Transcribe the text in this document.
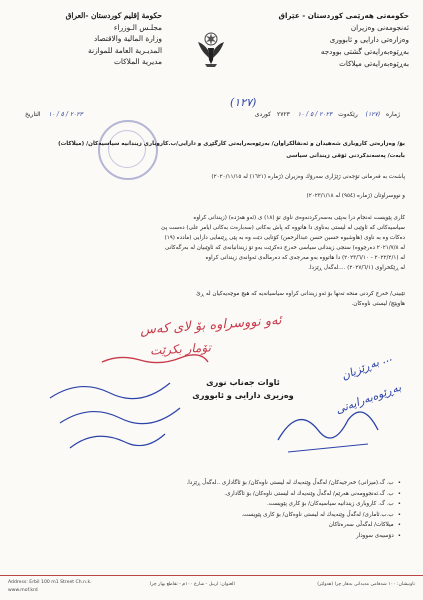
حکومەتی هەرێمی کوردستان - عێراق
ئەنجومەنی وەزیران
وەزارەتی دارایی و ئابووری
بەڕێوەبەرایەتی گشتی بوودجە
بەڕێوەبەرایەتی میلاکات
حكومة إقليم كوردستان -العراق
مجلـس الـوزراء
وزارة المالية والاقتصاد
المديـرية العامة للموازنة
مديرية الملاكات
ژمارە(١٢٧) رێکەوت٢٠٢٣ / ٥ / ١٠ ٢٧٢٣کوردی
٢٠٢٣ / ٥ / ١٠ التاريخ
(١٢٧)
بۆ/ وەزارەتی کاروباری شەهیدان و ئەنفالکراوان/ بەرێوەبەرایەتی کارگێڕی و دارایی/ب.کاروباری زیندانیە سیاسیەکان/ (میلاکات)
بابەت/ پەسەندکردنی ئۆقی زیندانی سیاسی
پاشەت بە فەرمانی تۆجەنی ژێژاری سەرۆك وەزیران (ژمارە (١٦٢١) لە ٢٠٢٠/١١/١٥)
و نووسراوتان (ژمارە (٩٥٤) لە ٢٠٢٣/١/١٨)
کاری پێویست ئەنجام درا بەپێی بەسەرکردنەوەی ناوی تۆ (١٨) ی (ئەو هەژدە) (زیندانی کراوە
سیاسیەکانی کە ئاوێبی لە لیستی بەناوی دا هاتووە کە پاش بەکانی (سەبارەت بەکانی ایامر علی) دەست پێ
دەکات وە بە ناوی (هاوشیوە حسین حسن عبدالرحمن) کۆتایی دێت وە بە پێی ڕێنمایی دارایی (ماددە (١٩)
لە ٢٠٢١/٧/٨ دەرچووە) سنجی زیندانی سیاسی خەرج دەکرێت بەو تۆ زیندانیانەی کە ئاوێبیان لە بەرگەکانی
لە (٢٠٢٢/٢/١ - ٢٠٢٣/٦/١٠) دا هاتووە بەو مەرجەی کە دەرماڵەی ئەوانەی زیندانی کراوە
لە ڕێکخراوی (٢٠٢٧/٦/١) ....لەگەڵ ڕێزدا.
تێبینی/ خەرج کردنی منحە تەنها بۆ ئەو زیندانی کراوە سیاسیانەیە کە هیچ موچەیەکیان لە ڕێ
هاوپێچ/ لیستی ناوەکان.
ئەو نووسراوە بۆ لای کەس
تۆمار بکرێت
ئاوات جەناب نوری
وەزیری دارایی و ئابووری
بەڕێزیان ...
بەڕێوەبەرایەتی
• ب. گ.(میزانی) خەرجیەکان/ لەگەڵ وێنەیەك لە لیستی ناوەکان/ بۆ ئاگاداری ..لەگەڵ ڕێزدا.
• ب. گ.ئەنجوومەنی هەرێم/ لەگەڵ وێنەیەك لە لیستی ناوەکان/ بۆ ئاگاداری.
• ب. گ. کاروباری زیندانیە سیاسیەکان/ بۆ کاری پێویست.
• ب.ب.ئاماری/ لەگەڵ وێنەیەك لە لیستی ناوەکان/ بۆ کاری پێویست.
• میلاکات/ لەگەڵی سەرەتاکان
• دۆسیەی سوودار
Address: Erbil 100 m1 Street Ch.n.k.
www.mof.krd
العنوان: اربیل - شارع ١٠٠م - تقاطع بهار چرا	ناونیشان: ١٠٠ شەقامی مەیدانی بەهار چرا (هەولێر)
